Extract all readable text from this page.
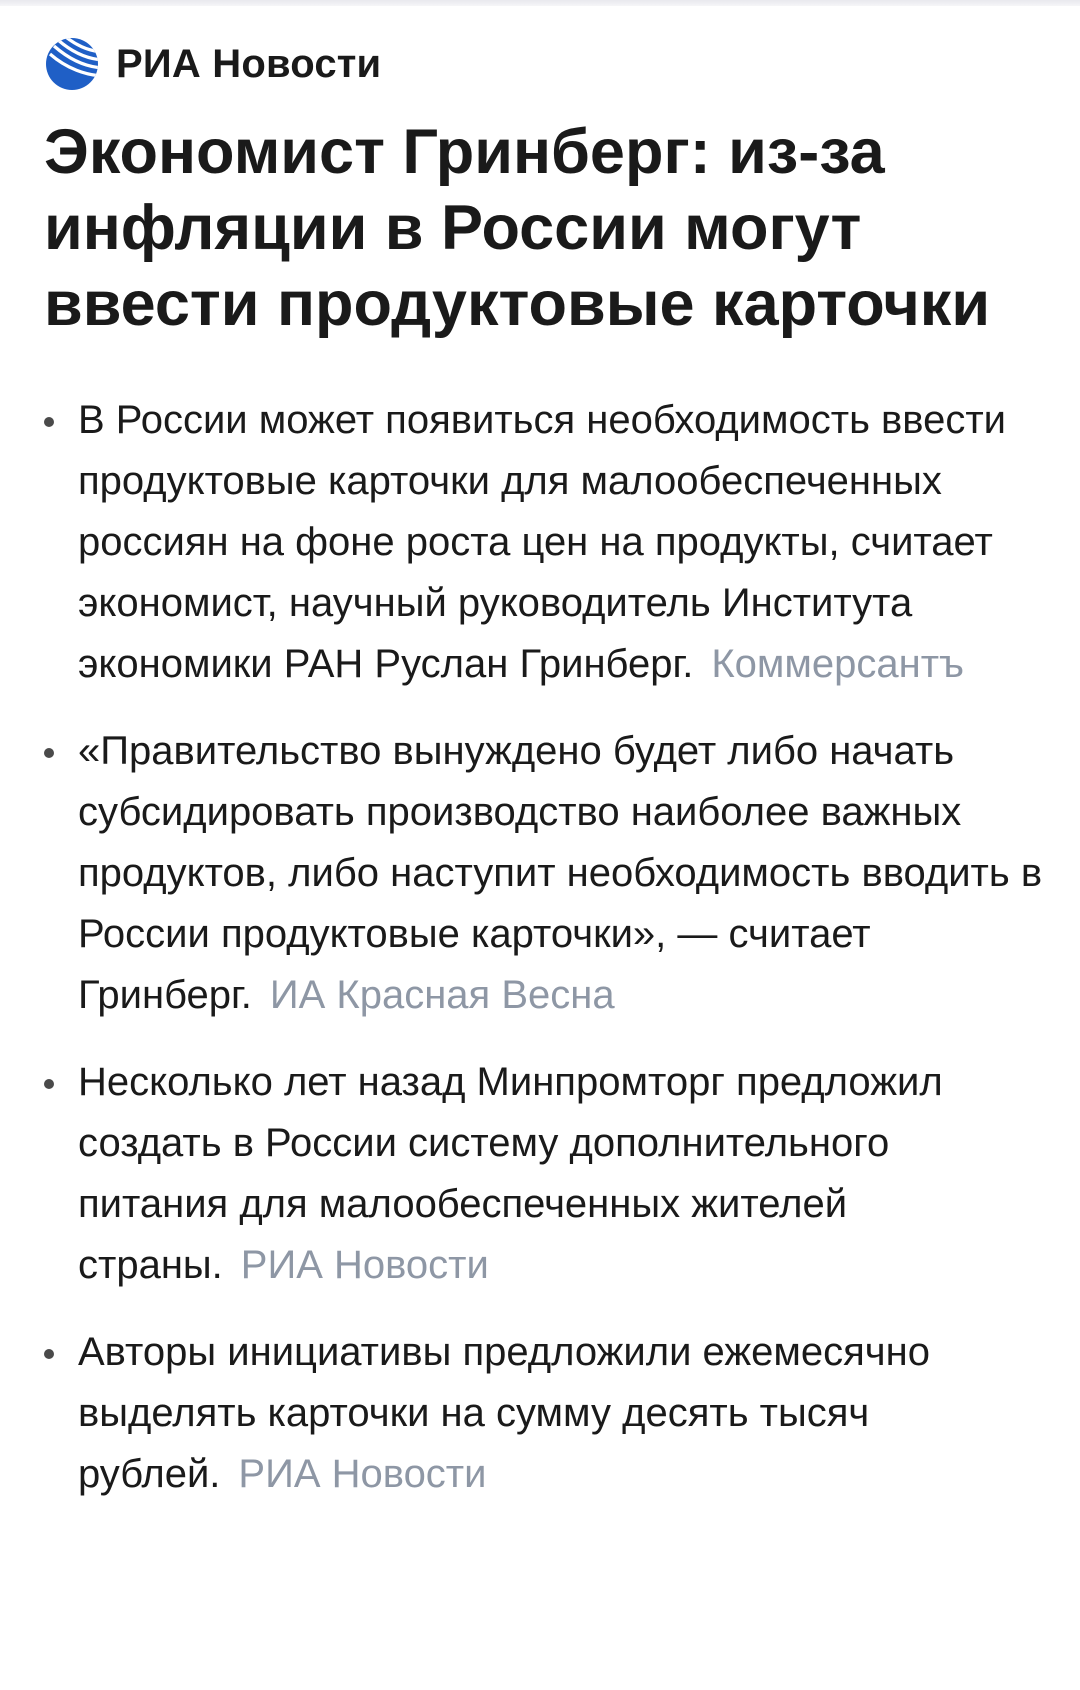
РИА Новости
Экономист Гринберг: из-за инфляции в России могут ввести продуктовые карточки
В России может появиться необходимость ввести продуктовые карточки для малообеспеченных россиян на фоне роста цен на продукты, считает экономист, научный руководитель Института экономики РАН Руслан Гринберг. Коммерсантъ
«Правительство вынуждено будет либо начать субсидировать производство наиболее важных продуктов, либо наступит необходимость вводить в России продуктовые карточки», — считает Гринберг. ИА Красная Весна
Несколько лет назад Минпромторг предложил создать в России систему дополнительного питания для малообеспеченных жителей страны. РИА Новости
Авторы инициативы предложили ежемесячно выделять карточки на сумму десять тысяч рублей. РИА Новости
